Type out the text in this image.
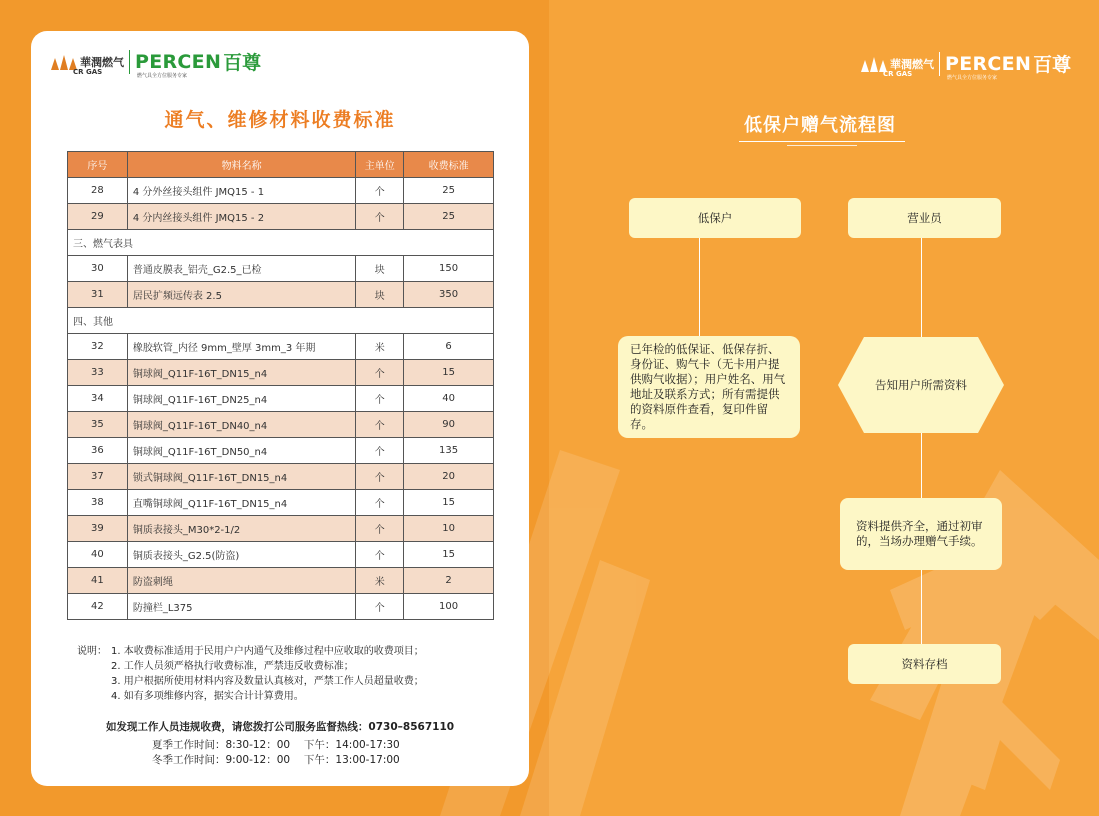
華潤燃气
CR GAS PERCEN 百尊
燃气具全方位服务专家
華潤燃气
CR GAS PERCEN 百尊
燃气具全方位服务专家
通气、维修材料收费标准
序号	物料名称	主单位	收费标准
28	4 分外丝接头组件 JMQ15 - 1	个	25
29	4 分内丝接头组件 JMQ15 - 2	个	25
三、燃气表具			
30	普通皮膜表_铝壳_G2.5_已检	块	150
31	居民扩频远传表 2.5	块	350
四、其他			
32	橡胶软管_内径 9mm_壁厚 3mm_3 年期	米	6
33	铜球阀_Q11F-16T_DN15_n4	个	15
34	铜球阀_Q11F-16T_DN25_n4	个	40
35	铜球阀_Q11F-16T_DN40_n4	个	90
36	铜球阀_Q11F-16T_DN50_n4	个	135
37	锁式铜球阀_Q11F-16T_DN15_n4	个	20
38	直嘴铜球阀_Q11F-16T_DN15_n4	个	15
39	铜质表接头_M30*2-1/2	个	10
40	铜质表接头_G2.5(防盗)	个	15
41	防盗刺绳	米	2
42	防撞栏_L375	个	100
说明： 1. 本收费标准适用于民用户户内通气及维修过程中应收取的收费项目；
2. 工作人员须严格执行收费标准，严禁违反收费标准；
3. 用户根据所使用材料内容及数量认真核对，严禁工作人员超量收费；
4. 如有多项维修内容，据实合计计算费用。
如发现工作人员违规收费，请您拨打公司服务监督热线：0730–8567110
夏季工作时间：8:30-12：00　 下午：14:00-17:30
冬季工作时间：9:00-12：00　 下午：13:00-17:00
低保户赠气流程图
低保户	营业员
已年检的低保证、低保存折、身份证、购气卡（无卡用户提供购气收据）；用户姓名、用气地址及联系方式；所有需提供的资料原件查看，复印件留存。
告知用户所需资料
资料提供齐全，通过初审的，当场办理赠气手续。
资料存档
